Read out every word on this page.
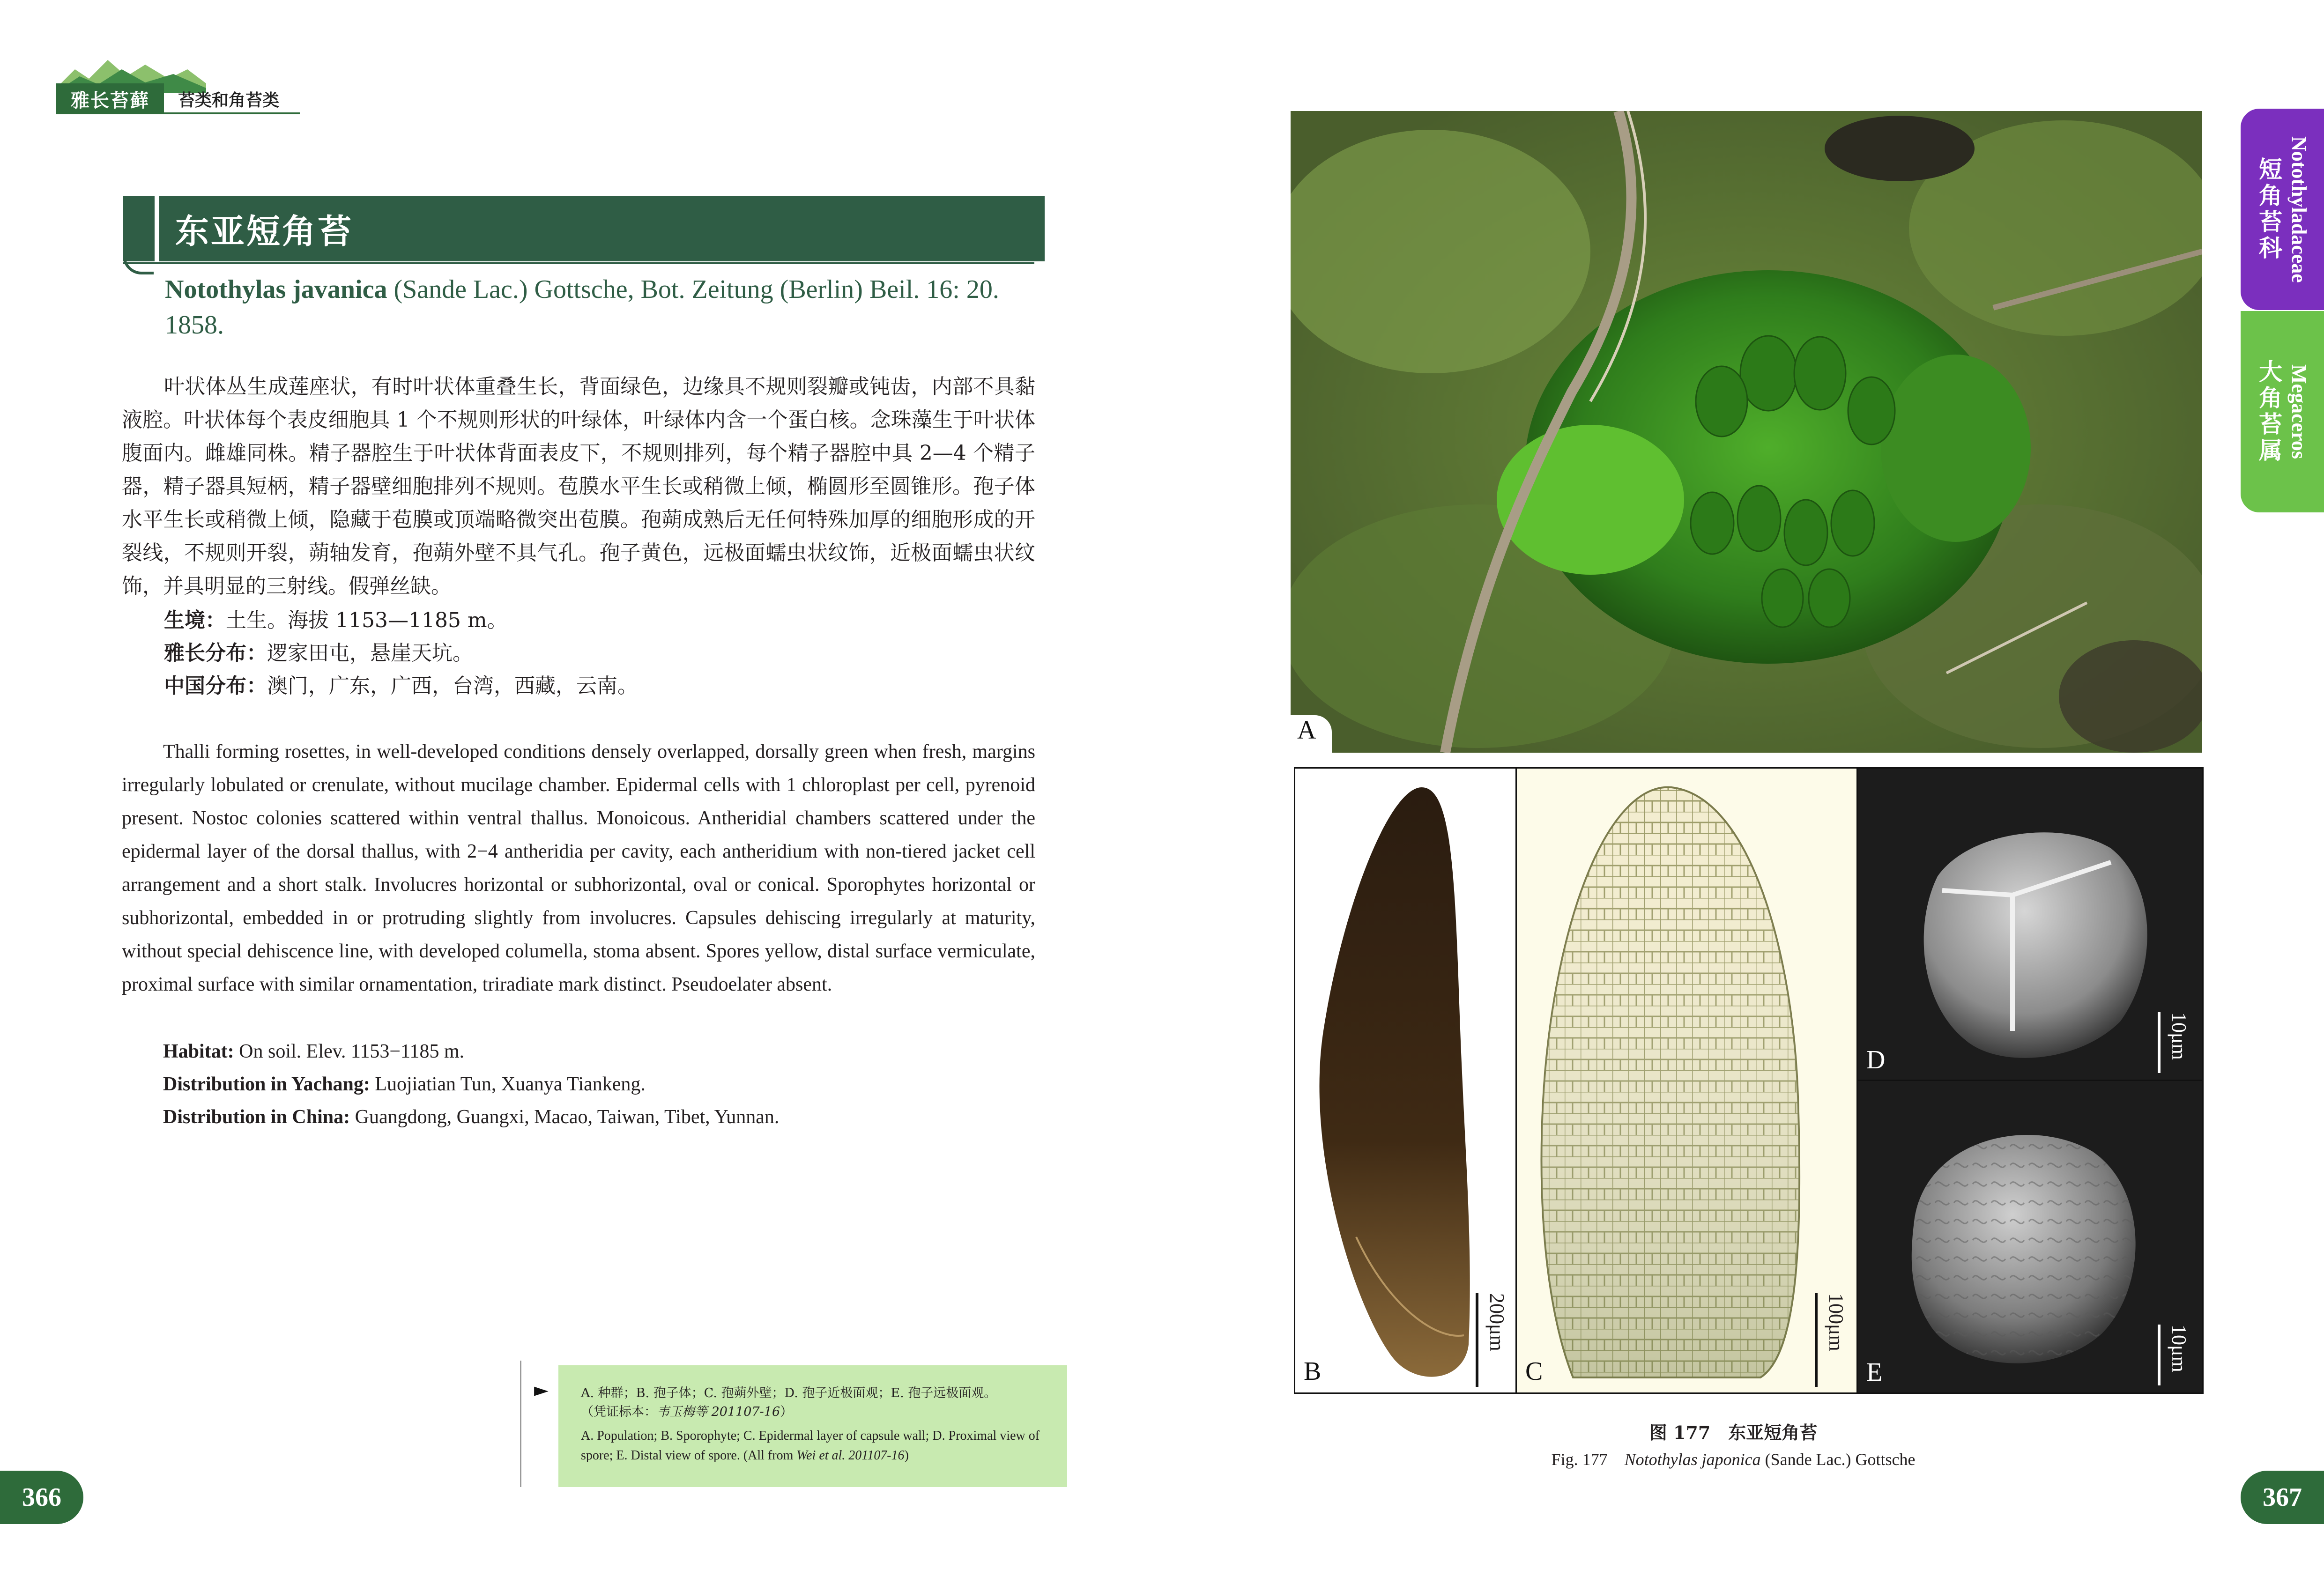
雅长苔藓	苔类和角苔类
东亚短角苔
Notothylas javanica (Sande Lac.) Gottsche, Bot. Zeitung (Berlin) Beil. 16: 20. 1858.
叶状体丛生成莲座状，有时叶状体重叠生长，背面绿色，边缘具不规则裂瓣或钝齿，内部不具黏液腔。叶状体每个表皮细胞具 1 个不规则形状的叶绿体，叶绿体内含一个蛋白核。念珠藻生于叶状体腹面内。雌雄同株。精子器腔生于叶状体背面表皮下，不规则排列，每个精子器腔中具 2—4 个精子器，精子器具短柄，精子器壁细胞排列不规则。苞膜水平生长或稍微上倾，椭圆形至圆锥形。孢子体水平生长或稍微上倾，隐藏于苞膜或顶端略微突出苞膜。孢蒴成熟后无任何特殊加厚的细胞形成的开裂线，不规则开裂，蒴轴发育，孢蒴外壁不具气孔。孢子黄色，远极面蠕虫状纹饰，近极面蠕虫状纹饰，并具明显的三射线。假弹丝缺。
生境：土生。海拔 1153—1185 m。
雅长分布：逻家田屯，悬崖天坑。
中国分布：澳门，广东，广西，台湾，西藏，云南。
Thalli forming rosettes, in well-developed conditions densely overlapped, dorsally green when fresh, margins irregularly lobulated or crenulate, without mucilage chamber. Epidermal cells with 1 chloroplast per cell, pyrenoid present. Nostoc colonies scattered within ventral thallus. Monoicous. Antheridial chambers scattered under the epidermal layer of the dorsal thallus, with 2−4 antheridia per cavity, each antheridium with non-tiered jacket cell arrangement and a short stalk. Involucres horizontal or subhorizontal, oval or conical. Sporophytes horizontal or subhorizontal, embedded in or protruding slightly from involucres. Capsules dehiscing irregularly at maturity, without special dehiscence line, with developed columella, stoma absent. Spores yellow, distal surface vermiculate, proximal surface with similar ornamentation, triradiate mark distinct. Pseudoelater absent.
Habitat: On soil. Elev. 1153−1185 m.
Distribution in Yachang: Luojiatian Tun, Xuanya Tiankeng.
Distribution in China: Guangdong, Guangxi, Macao, Taiwan, Tibet, Yunnan.
►	A. 种群；B. 孢子体；C. 孢蒴外壁；D. 孢子近极面观；E. 孢子远极面观。
（凭证标本：韦玉梅等 201107-16）
A. Population; B. Sporophyte; C. Epidermal layer of capsule wall; D. Proximal view of spore; E. Distal view of spore. (All from Wei et al. 201107-16)
366
A
B
200μm
C
100μm
D
10μm
E
10μm
图 177　东亚短角苔
Fig. 177　Notothylas japonica (Sande Lac.) Gottsche
Notothyladaceae
短角苔科
Megaceros
大角苔属
367
